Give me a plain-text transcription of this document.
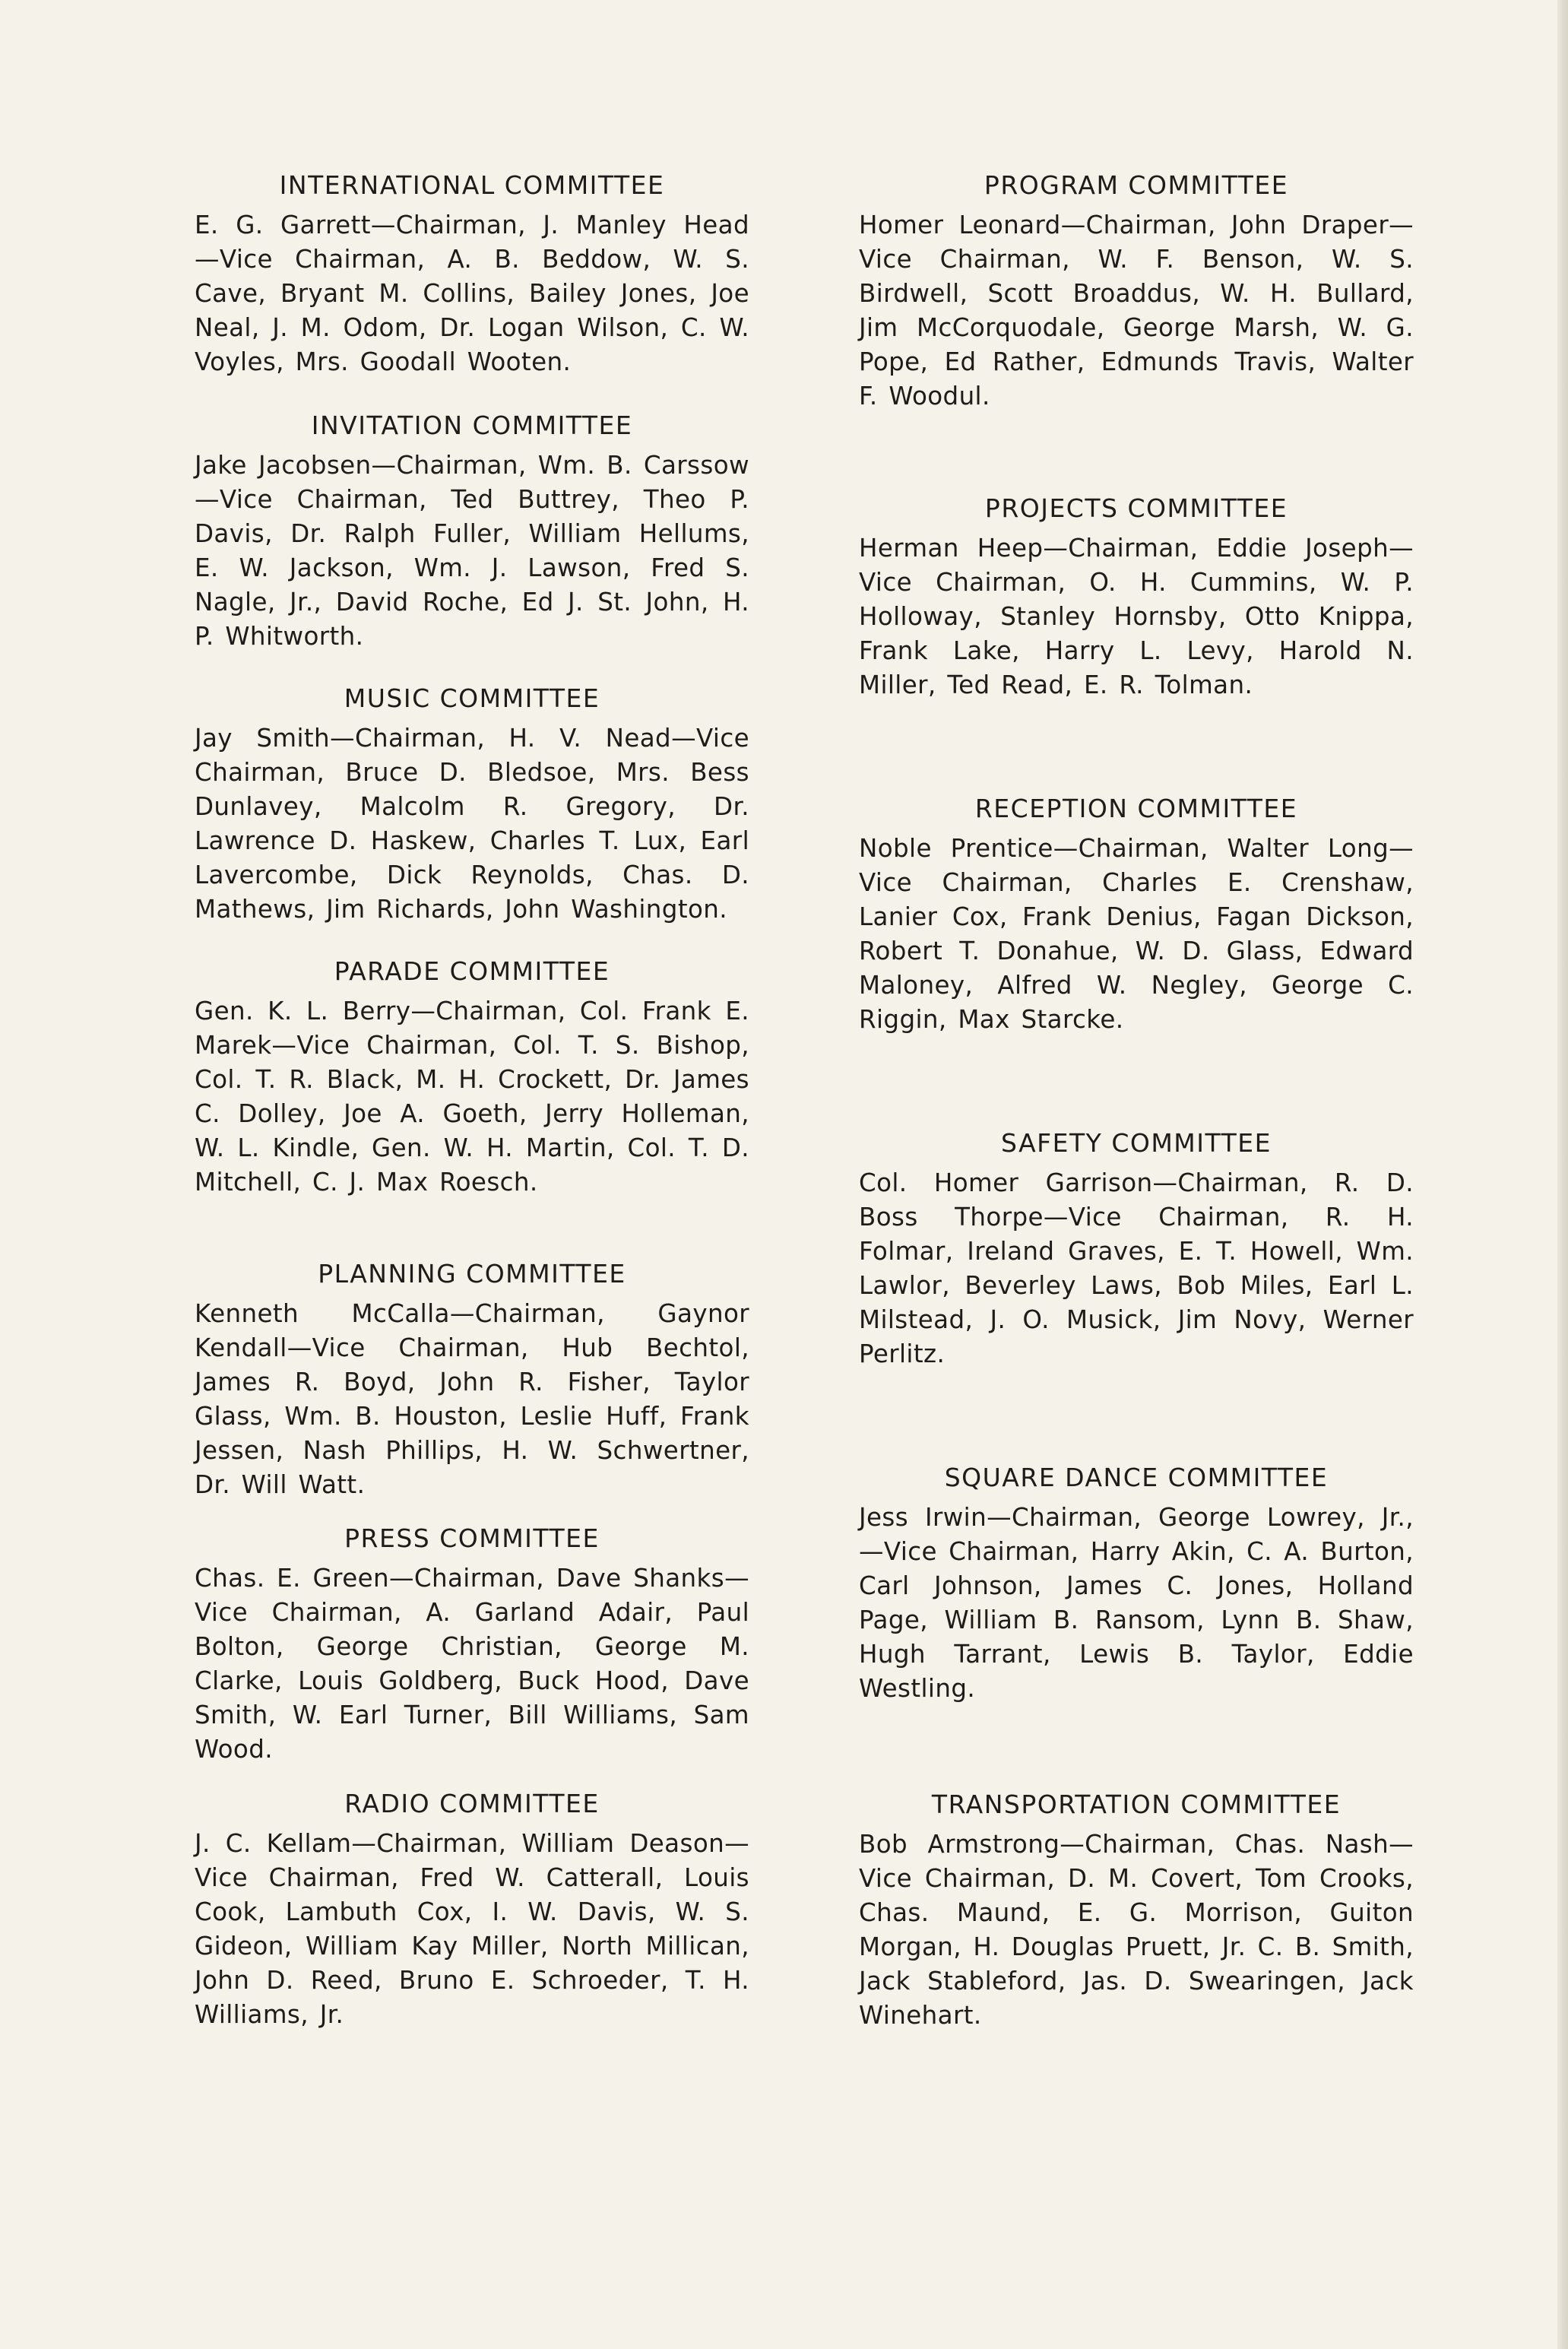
INTERNATIONAL COMMITTEE

E. G. Garrett—Chairman, J. Manley Head —Vice Chairman, A. B. Beddow, W. S. Cave, Bryant M. Collins, Bailey Jones, Joe Neal, J. M. Odom, Dr. Logan Wilson, C. W. Voyles, Mrs. Goodall Wooten.

INVITATION COMMITTEE

Jake Jacobsen—Chairman, Wm. B. Carssow—Vice Chairman, Ted Buttrey, Theo P. Davis, Dr. Ralph Fuller, William Hellums, E. W. Jackson, Wm. J. Lawson, Fred S. Nagle, Jr., David Roche, Ed J. St. John, H. P. Whitworth.

MUSIC COMMITTEE

Jay Smith—Chairman, H. V. Nead—Vice Chairman, Bruce D. Bledsoe, Mrs. Bess Dunlavey, Malcolm R. Gregory, Dr. Lawrence D. Haskew, Charles T. Lux, Earl Lavercombe, Dick Reynolds, Chas. D. Mathews, Jim Richards, John Washington.

PARADE COMMITTEE

Gen. K. L. Berry—Chairman, Col. Frank E. Marek—Vice Chairman, Col. T. S. Bishop, Col. T. R. Black, M. H. Crockett, Dr. James C. Dolley, Joe A. Goeth, Jerry Holleman, W. L. Kindle, Gen. W. H. Martin, Col. T. D. Mitchell, C. J. Max Roesch.

PLANNING COMMITTEE

Kenneth McCalla—Chairman, Gaynor Kendall—Vice Chairman, Hub Bechtol, James R. Boyd, John R. Fisher, Taylor Glass, Wm. B. Houston, Leslie Huff, Frank Jessen, Nash Phillips, H. W. Schwertner, Dr. Will Watt.

PRESS COMMITTEE

Chas. E. Green—Chairman, Dave Shanks—Vice Chairman, A. Garland Adair, Paul Bolton, George Christian, George M. Clarke, Louis Goldberg, Buck Hood, Dave Smith, W. Earl Turner, Bill Williams, Sam Wood.

RADIO COMMITTEE

J. C. Kellam—Chairman, William Deason—Vice Chairman, Fred W. Catterall, Louis Cook, Lambuth Cox, I. W. Davis, W. S. Gideon, William Kay Miller, North Millican, John D. Reed, Bruno E. Schroeder, T. H. Williams, Jr.

PROGRAM COMMITTEE

Homer Leonard—Chairman, John Draper—Vice Chairman, W. F. Benson, W. S. Birdwell, Scott Broaddus, W. H. Bullard, Jim McCorquodale, George Marsh, W. G. Pope, Ed Rather, Edmunds Travis, Walter F. Woodul.

PROJECTS COMMITTEE

Herman Heep—Chairman, Eddie Joseph—Vice Chairman, O. H. Cummins, W. P. Holloway, Stanley Hornsby, Otto Knippa, Frank Lake, Harry L. Levy, Harold N. Miller, Ted Read, E. R. Tolman.

RECEPTION COMMITTEE

Noble Prentice—Chairman, Walter Long—Vice Chairman, Charles E. Crenshaw, Lanier Cox, Frank Denius, Fagan Dickson, Robert T. Donahue, W. D. Glass, Edward Maloney, Alfred W. Negley, George C. Riggin, Max Starcke.

SAFETY COMMITTEE

Col. Homer Garrison—Chairman, R. D. Boss Thorpe—Vice Chairman, R. H. Folmar, Ireland Graves, E. T. Howell, Wm. Lawlor, Beverley Laws, Bob Miles, Earl L. Milstead, J. O. Musick, Jim Novy, Werner Perlitz.

SQUARE DANCE COMMITTEE

Jess Irwin—Chairman, George Lowrey, Jr., —Vice Chairman, Harry Akin, C. A. Burton, Carl Johnson, James C. Jones, Holland Page, William B. Ransom, Lynn B. Shaw, Hugh Tarrant, Lewis B. Taylor, Eddie Westling.

TRANSPORTATION COMMITTEE

Bob Armstrong—Chairman, Chas. Nash—Vice Chairman, D. M. Covert, Tom Crooks, Chas. Maund, E. G. Morrison, Guiton Morgan, H. Douglas Pruett, Jr. C. B. Smith, Jack Stableford, Jas. D. Swearingen, Jack Winehart.
